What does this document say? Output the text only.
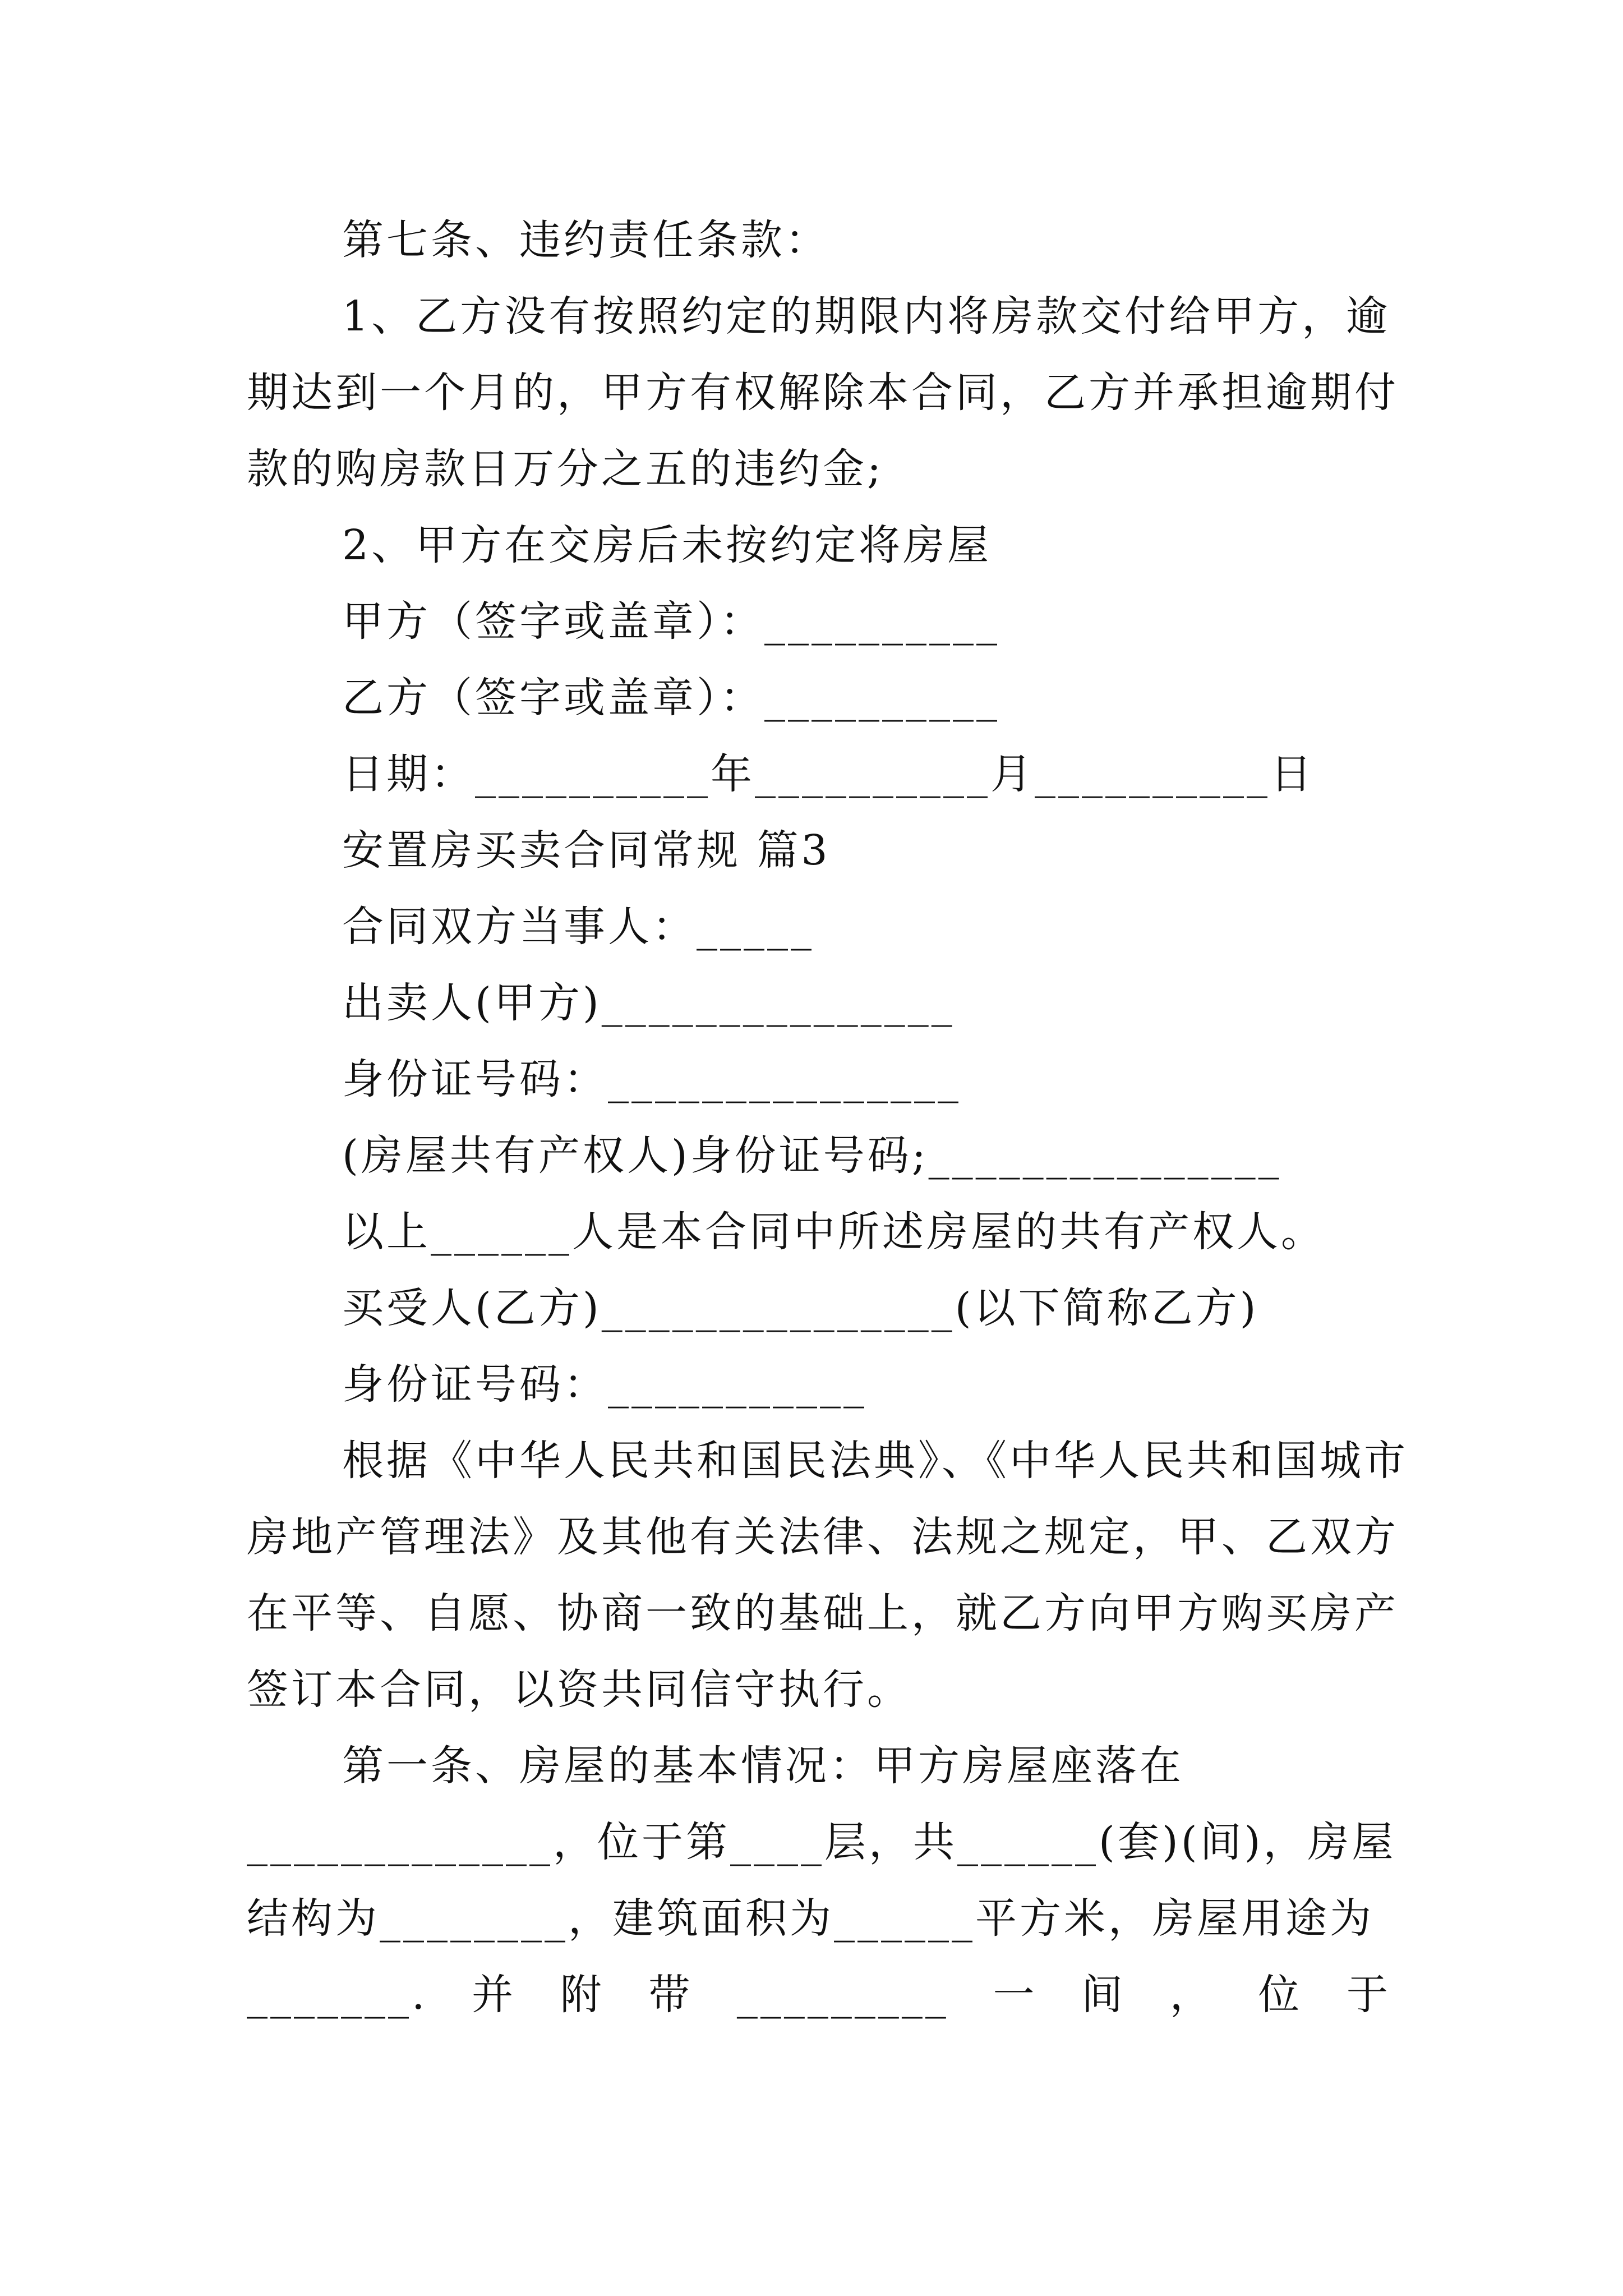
第七条、违约责任条款：
1、乙方没有按照约定的期限内将房款交付给甲方，逾
期达到一个月的，甲方有权解除本合同，乙方并承担逾期付
款的购房款日万分之五的违约金;
2、甲方在交房后未按约定将房屋
甲方（签字或盖章）：__________
乙方（签字或盖章）：__________
日期：__________年__________月__________日
安置房买卖合同常规 篇3
合同双方当事人：_____
出卖人(甲方)_______________
身份证号码：_______________
(房屋共有产权人)身份证号码;_______________
以上______人是本合同中所述房屋的共有产权人。
买受人(乙方)_______________(以下简称乙方)
身份证号码：___________
根据《中华人民共和国民法典》、《中华人民共和国城市
房地产管理法》及其他有关法律、法规之规定，甲、乙双方
在平等、自愿、协商一致的基础上，就乙方向甲方购买房产
签订本合同，以资共同信守执行。
第一条、房屋的基本情况：甲方房屋座落在
_____________，位于第____层，共______(套)(间)，房屋
结构为________，建筑面积为______平方米，房屋用途为
_______. 并 附 带 _________ 一 间 ， 位 于
